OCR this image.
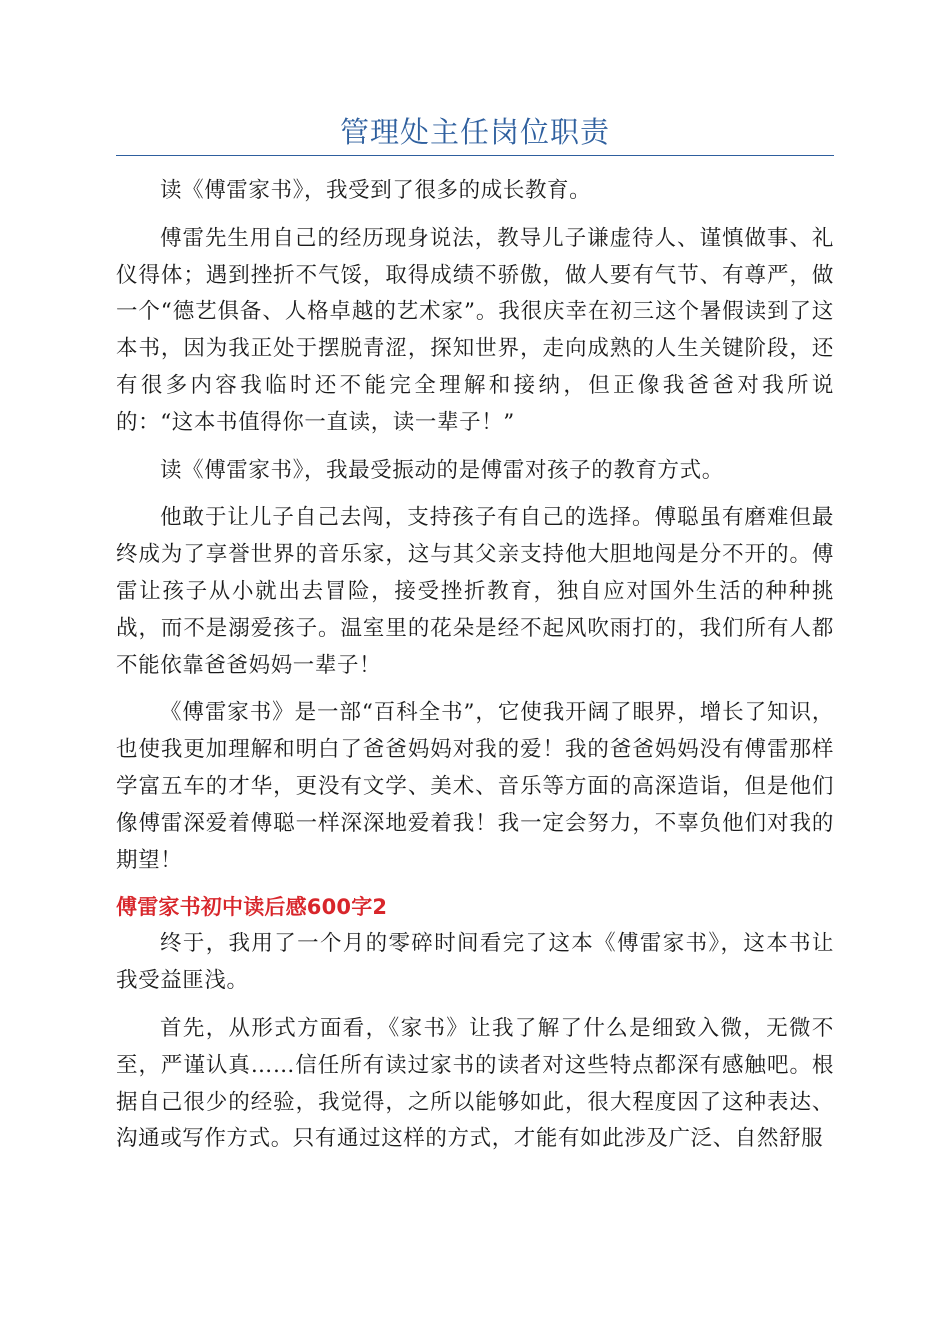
管理处主任岗位职责

读《傅雷家书》，我受到了很多的成长教育。

傅雷先生用自己的经历现身说法，教导儿子谦虚待人、谨慎做事、礼仪得体；遇到挫折不气馁，取得成绩不骄傲，做人要有气节、有尊严，做一个“德艺俱备、人格卓越的艺术家”。我很庆幸在初三这个暑假读到了这本书，因为我正处于摆脱青涩，探知世界，走向成熟的人生关键阶段，还有很多内容我临时还不能完全理解和接纳，但正像我爸爸对我所说的：“这本书值得你一直读，读一辈子！”

读《傅雷家书》，我最受振动的是傅雷对孩子的教育方式。

他敢于让儿子自己去闯，支持孩子有自己的选择。傅聪虽有磨难但最终成为了享誉世界的音乐家，这与其父亲支持他大胆地闯是分不开的。傅雷让孩子从小就出去冒险，接受挫折教育，独自应对国外生活的种种挑战，而不是溺爱孩子。温室里的花朵是经不起风吹雨打的，我们所有人都不能依靠爸爸妈妈一辈子！

《傅雷家书》是一部“百科全书”，它使我开阔了眼界，增长了知识，也使我更加理解和明白了爸爸妈妈对我的爱！我的爸爸妈妈没有傅雷那样学富五车的才华，更没有文学、美术、音乐等方面的高深造诣，但是他们像傅雷深爱着傅聪一样深深地爱着我！我一定会努力，不辜负他们对我的期望！

傅雷家书初中读后感600字2

终于，我用了一个月的零碎时间看完了这本《傅雷家书》，这本书让我受益匪浅。

首先，从形式方面看，《家书》让我了解了什么是细致入微，无微不至，严谨认真……信任所有读过家书的读者对这些特点都深有感触吧。根据自己很少的经验，我觉得，之所以能够如此，很大程度因了这种表达、沟通或写作方式。只有通过这样的方式，才能有如此涉及广泛、自然舒服
